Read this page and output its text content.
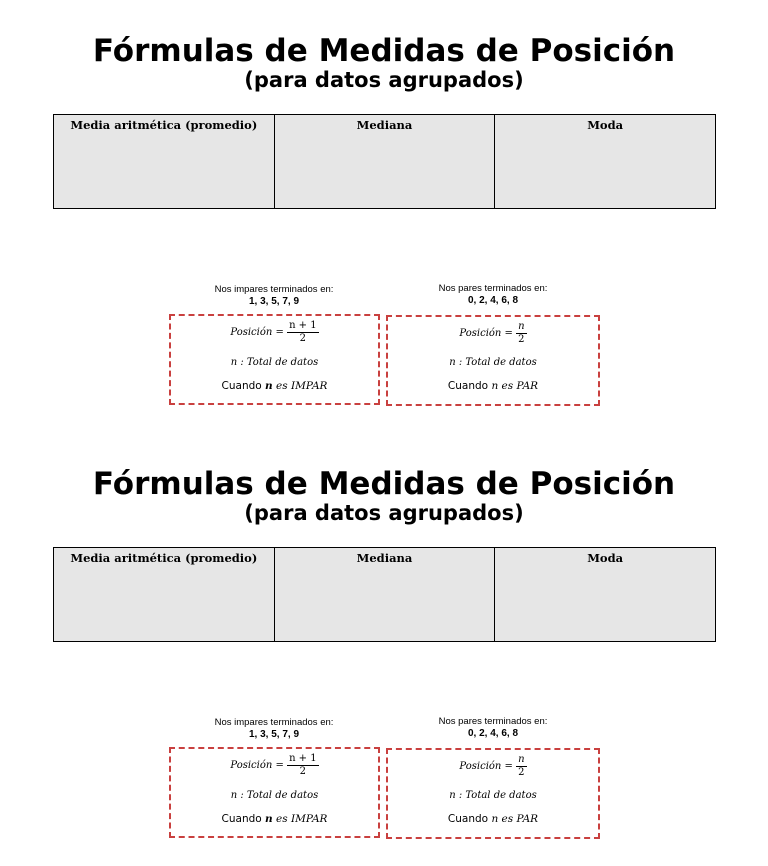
Fórmulas de Medidas de Posición
(para datos agrupados)
Media aritmética (promedio)	Mediana	Moda
Nos impares terminados en:
1, 3, 5, 7, 9
Nos pares terminados en:
0, 2, 4, 6, 8
Posición = $\frac{n + 1}{2}$
n : Total de datos
Cuando n es IMPAR
Posición = $\frac{n}{2}$
n : Total de datos
Cuando n es PAR
Fórmulas de Medidas de Posición
(para datos agrupados)
Media aritmética (promedio)	Mediana	Moda
Nos impares terminados en:
1, 3, 5, 7, 9
Nos pares terminados en:
0, 2, 4, 6, 8
Posición = $\frac{n + 1}{2}$
n : Total de datos
Cuando n es IMPAR
Posición = $\frac{n}{2}$
n : Total de datos
Cuando n es PAR
